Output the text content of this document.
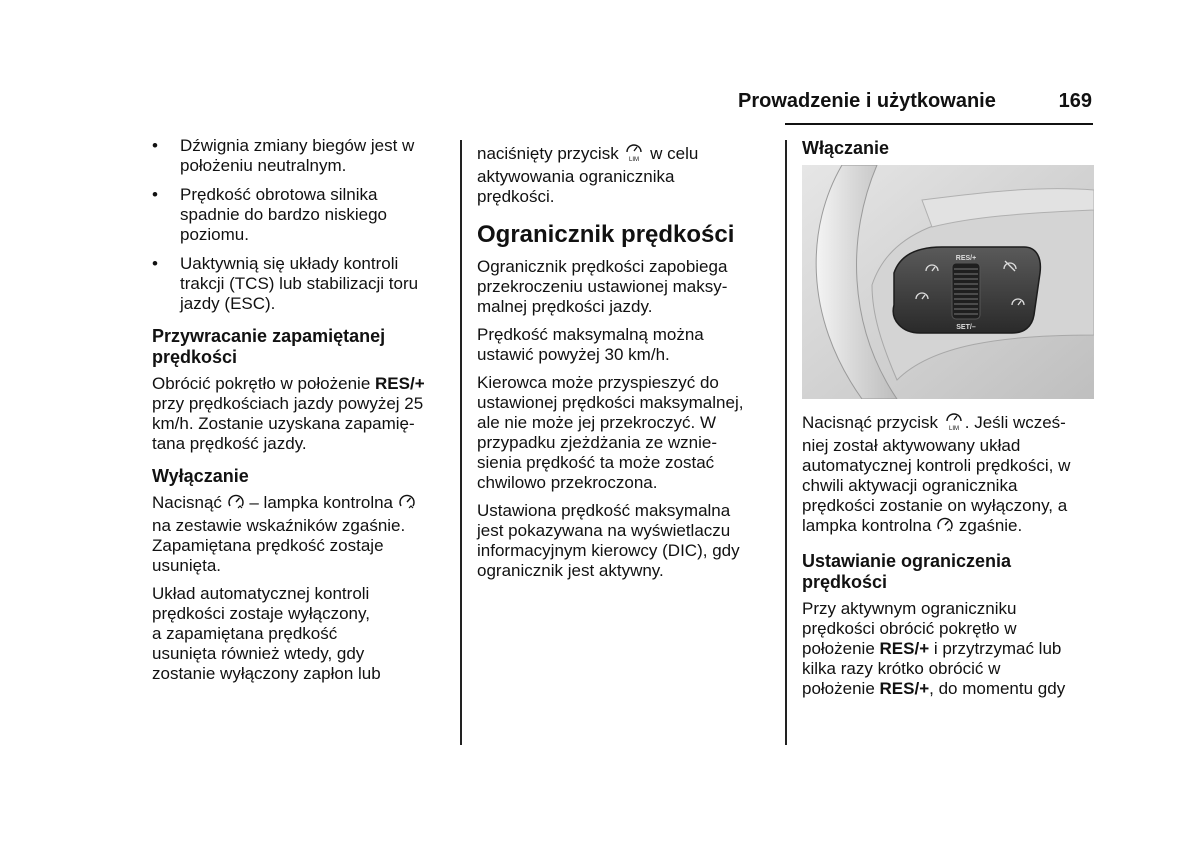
Prowadzenie i użytkowanie	169
• Dźwignia zmiany biegów jest w
położeniu neutralnym.
• Prędkość obrotowa silnika
spadnie do bardzo niskiego
poziomu.
• Uaktywnią się układy kontroli
trakcji (TCS) lub stabilizacji toru
jazdy (ESC).
Przywracanie zapamiętanej
prędkości

Obrócić pokrętło w położenie RES/+
przy prędkościach jazdy powyżej 25
km/h. Zostanie uzyskana zapamię-
tana prędkość jazdy.

Wyłączanie

Nacisnąć  – lampka kontrolna
na zestawie wskaźników zgaśnie.
Zapamiętana prędkość zostaje
usunięta.

Układ automatycznej kontroli
prędkości zostaje wyłączony,
a zapamiętana prędkość
usunięta również wtedy, gdy
zostanie wyłączony zapłon lub

naciśnięty przycisk LIM w celu
aktywowania ogranicznika
prędkości.

Ogranicznik prędkości

Ogranicznik prędkości zapobiega
przekroczeniu ustawionej maksy-
malnej prędkości jazdy.

Prędkość maksymalną można
ustawić powyżej 30 km/h.

Kierowca może przyspieszyć do
ustawionej prędkości maksymalnej,
ale nie może jej przekroczyć. W
przypadku zjeżdżania ze wznie-
sienia prędkość ta może zostać
chwilowo przekroczona.

Ustawiona prędkość maksymalna
jest pokazywana na wyświetlaczu
informacyjnym kierowcy (DIC), gdy
ogranicznik jest aktywny.

Włączanie
RES/+
SET/–

Nacisnąć przycisk LIM . Jeśli wcześ-
niej został aktywowany układ
automatycznej kontroli prędkości, w
chwili aktywacji ogranicznika
prędkości zostanie on wyłączony, a
lampka kontrolna  zgaśnie.

Ustawianie ograniczenia
prędkości

Przy aktywnym ograniczniku
prędkości obrócić pokrętło w
położenie RES/+ i przytrzymać lub
kilka razy krótko obrócić w
położenie RES/+, do momentu gdy
